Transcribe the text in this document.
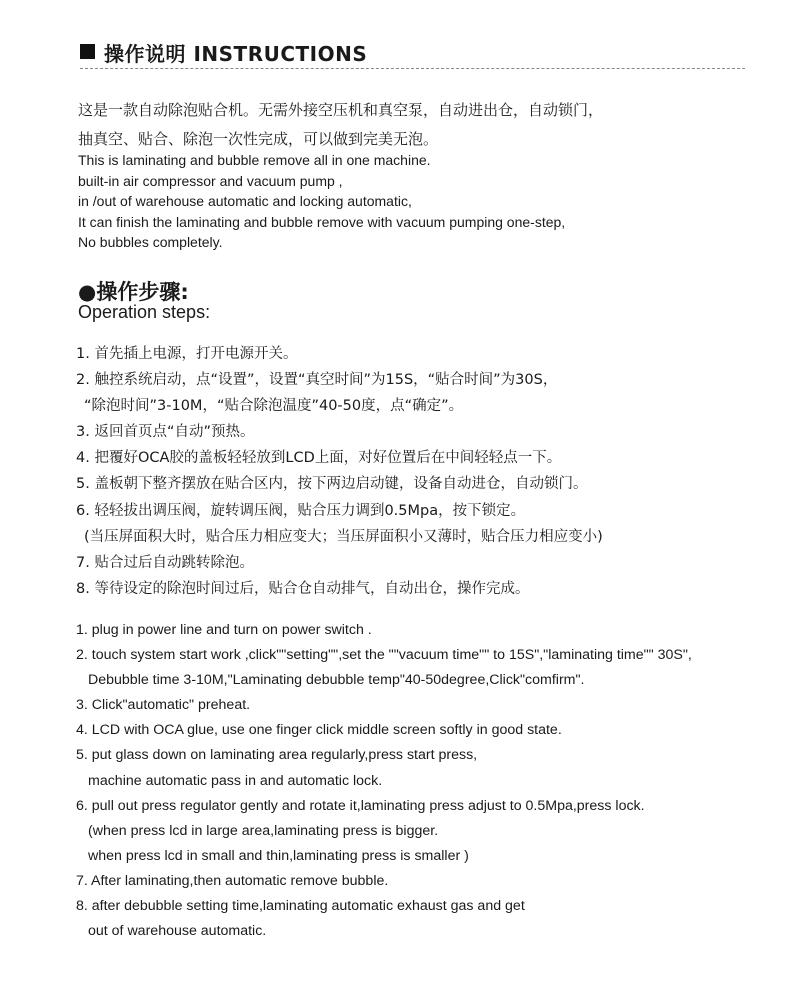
操作说明 INSTRUCTIONS
这是一款自动除泡贴合机。无需外接空压机和真空泵，自动进出仓，自动锁门，
抽真空、贴合、除泡一次性完成，可以做到完美无泡。
This is laminating and bubble remove all in one machine.
built-in air compressor and vacuum pump ,
in /out of warehouse automatic and locking automatic,
It can finish the laminating and bubble remove with vacuum pumping one-step,
No bubbles completely.
●操作步骤:
Operation steps:
1. 首先插上电源，打开电源开关。
2. 触控系统启动，点“设置”，设置“真空时间”为15S，“贴合时间”为30S，
“除泡时间”3-10M，“贴合除泡温度”40-50度，点“确定”。
3. 返回首页点“自动”预热。
4. 把覆好OCA胶的盖板轻轻放到LCD上面，对好位置后在中间轻轻点一下。
5. 盖板朝下整齐摆放在贴合区内，按下两边启动键，设备自动进仓，自动锁门。
6. 轻轻拔出调压阀，旋转调压阀，贴合压力调到0.5Mpa，按下锁定。
(当压屏面积大时，贴合压力相应变大；当压屏面积小又薄时，贴合压力相应变小)
7. 贴合过后自动跳转除泡。
8. 等待设定的除泡时间过后，贴合仓自动排气，自动出仓，操作完成。
1. plug in power line and turn on power switch .
2. touch system start work ,click""setting"",set the ""vacuum time"" to 15S","laminating time"" 30S",
Debubble time 3-10M,"Laminating debubble temp"40-50degree,Click"comfirm".
3. Click"automatic" preheat.
4. LCD with OCA glue, use one finger click middle screen softly in good state.
5. put glass down on laminating area regularly,press start press,
machine automatic pass in and automatic lock.
6. pull out press regulator gently and rotate it,laminating press adjust to 0.5Mpa,press lock.
(when press lcd in large area,laminating press is bigger.
when press lcd in small and thin,laminating press is smaller )
7. After laminating,then automatic remove bubble.
8. after debubble setting time,laminating automatic exhaust gas and get
out of warehouse automatic.
